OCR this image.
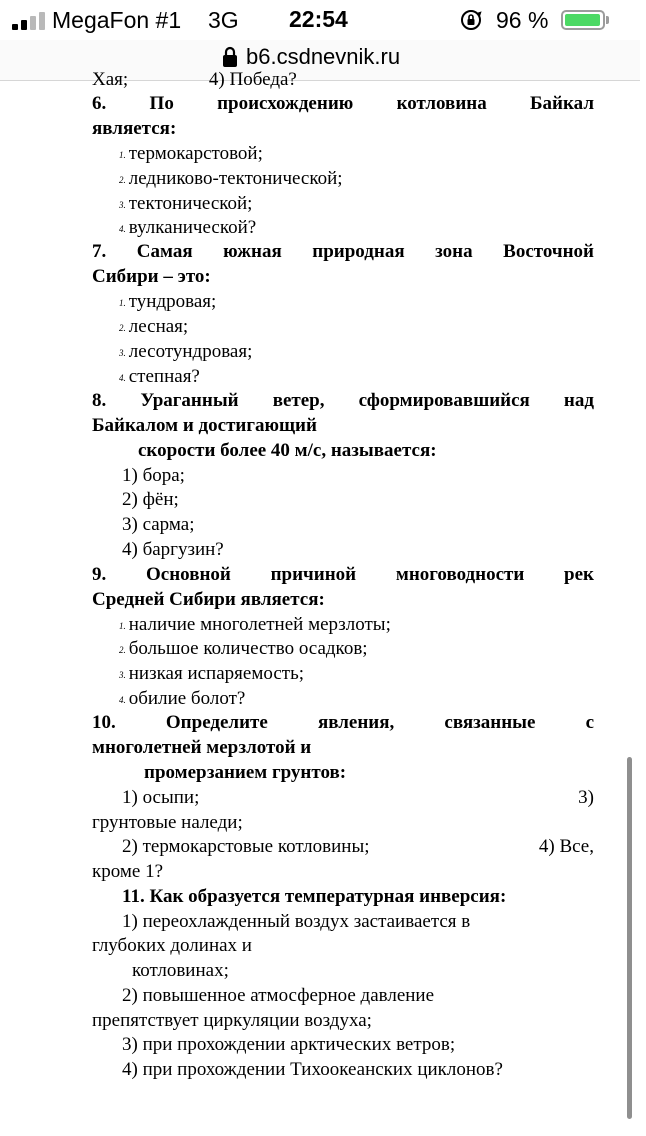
MegaFon #1 3G 22:54	96 %
b6.csdnevnik.ru
Хая;                 4) Победа?
6. По происхождению котловина Байкал
является:
1. термокарстовой;
2. ледниково-тектонической;
3. тектонической;
4. вулканической?
7. Самая южная природная зона Восточной
Сибири – это:
1. тундровая;
2. лесная;
3. лесотундровая;
4. степная?
8. Ураганный ветер, сформировавшийся над
Байкалом и достигающий
скорости более 40 м/с, называется:
1) бора;
2) фён;
3) сарма;
4) баргузин?
9. Основной причиной многоводности рек
Средней Сибири является:
1. наличие многолетней мерзлоты;
2. большое количество осадков;
3. низкая испаряемость;
4. обилие болот?
10. Определите явления, связанные с
многолетней мерзлотой и
промерзанием грунтов:
1) осыпи;	3)
грунтовые наледи;
2) термокарстовые котловины;	4) Все,
кроме 1?
11. Как образуется температурная инверсия:
1) переохлажденный воздух застаивается в
глубоких долинах и
котловинах;
2) повышенное атмосферное давление
препятствует циркуляции воздуха;
3) при прохождении арктических ветров;
4) при прохождении Тихоокеанских циклонов?
